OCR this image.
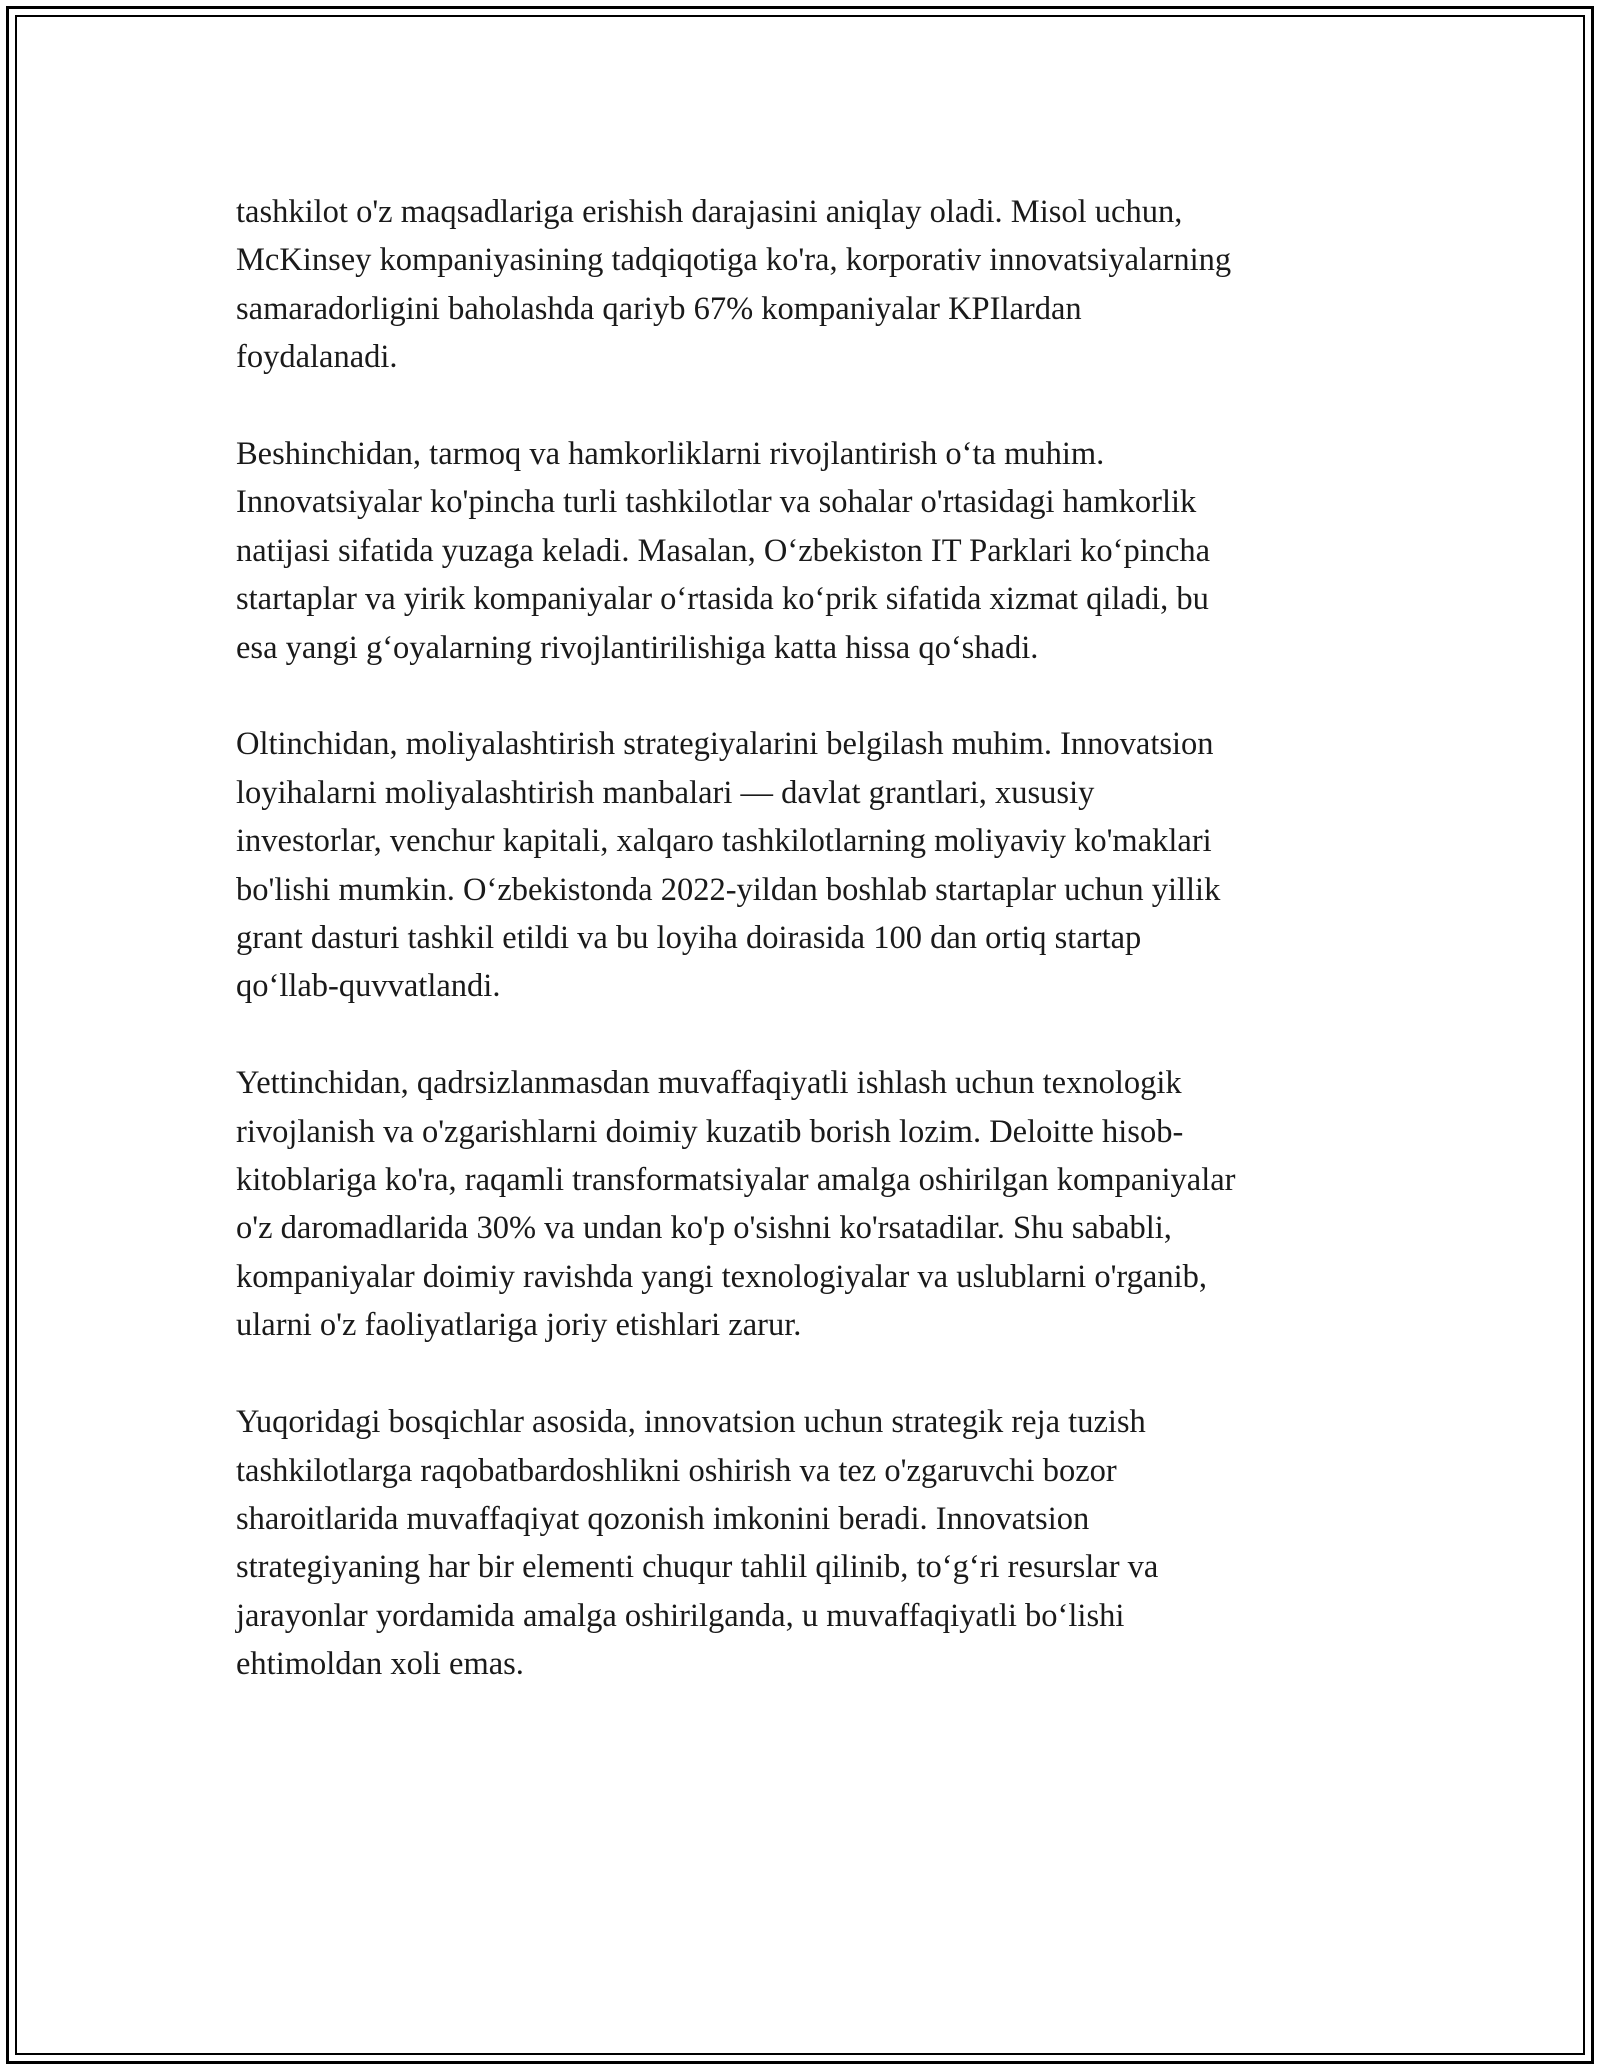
tashkilot o'z maqsadlariga erishish darajasini aniqlay oladi. Misol uchun,
McKinsey kompaniyasining tadqiqotiga ko'ra, korporativ innovatsiyalarning
samaradorligini baholashda qariyb 67% kompaniyalar KPIlardan
foydalanadi.

Beshinchidan, tarmoq va hamkorliklarni rivojlantirish o‘ta muhim.
Innovatsiyalar ko'pincha turli tashkilotlar va sohalar o'rtasidagi hamkorlik
natijasi sifatida yuzaga keladi. Masalan, O‘zbekiston IT Parklari ko‘pincha
startaplar va yirik kompaniyalar o‘rtasida ko‘prik sifatida xizmat qiladi, bu
esa yangi g‘oyalarning rivojlantirilishiga katta hissa qo‘shadi.

Oltinchidan, moliyalashtirish strategiyalarini belgilash muhim. Innovatsion
loyihalarni moliyalashtirish manbalari — davlat grantlari, xususiy
investorlar, venchur kapitali, xalqaro tashkilotlarning moliyaviy ko'maklari
bo'lishi mumkin. O‘zbekistonda 2022-yildan boshlab startaplar uchun yillik
grant dasturi tashkil etildi va bu loyiha doirasida 100 dan ortiq startap
qo‘llab-quvvatlandi.

Yettinchidan, qadrsizlanmasdan muvaffaqiyatli ishlash uchun texnologik
rivojlanish va o'zgarishlarni doimiy kuzatib borish lozim. Deloitte hisob-
kitoblariga ko'ra, raqamli transformatsiyalar amalga oshirilgan kompaniyalar
o'z daromadlarida 30% va undan ko'p o'sishni ko'rsatadilar. Shu sababli,
kompaniyalar doimiy ravishda yangi texnologiyalar va uslublarni o'rganib,
ularni o'z faoliyatlariga joriy etishlari zarur.

Yuqoridagi bosqichlar asosida, innovatsion uchun strategik reja tuzish
tashkilotlarga raqobatbardoshlikni oshirish va tez o'zgaruvchi bozor
sharoitlarida muvaffaqiyat qozonish imkonini beradi. Innovatsion
strategiyaning har bir elementi chuqur tahlil qilinib, to‘g‘ri resurslar va
jarayonlar yordamida amalga oshirilganda, u muvaffaqiyatli bo‘lishi
ehtimoldan xoli emas.
